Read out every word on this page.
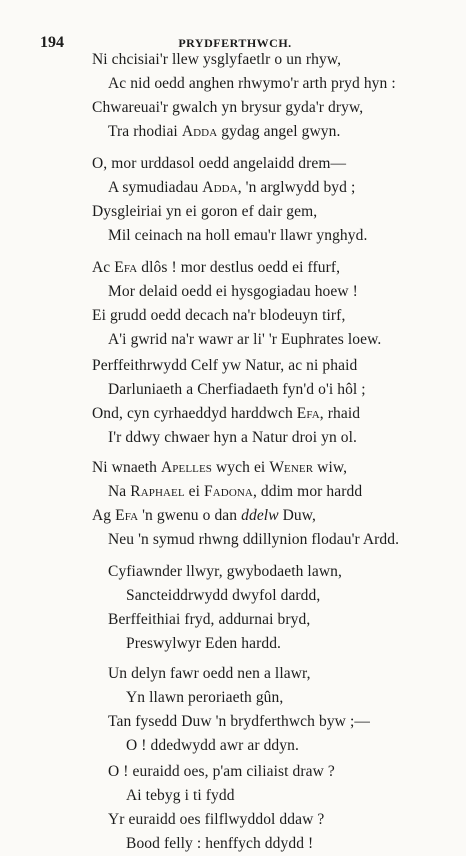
194	PRYDFERTHWCH.
Ni chcisiai'r llew ysglyfaetlr o un rhyw,
Ac nid oedd anghen rhwymo'r arth pryd hyn :
Chwareuai'r gwalch yn brysur gyda'r dryw,
Tra rhodiai Adda gydag angel gwyn.
O, mor urddasol oedd angelaidd drem—
A symudiadau Adda, 'n arglwydd byd ;
Dysgleiriai yn ei goron ef dair gem,
Mil ceinach na holl emau'r llawr ynghyd.
Ac Efa dlôs ! mor destlus oedd ei ffurf,
Mor delaid oedd ei hysgogiadau hoew !
Ei grudd oedd decach na'r blodeuyn tirf,
A'i gwrid na'r wawr ar li' 'r Euphrates loew.
Perffeithrwydd Celf yw Natur, ac ni phaid
Darluniaeth a Cherfiadaeth fyn'd o'i hôl ;
Ond, cyn cyrhaeddyd harddwch Efa, rhaid
I'r ddwy chwaer hyn a Natur droi yn ol.
Ni wnaeth Apelles wych ei Wener wiw,
Na Raphael ei Fadona, ddim mor hardd
Ag Efa 'n gwenu o dan ddelw Duw,
Neu 'n symud rhwng ddillynion flodau'r Ardd.
Cyfiawnder llwyr, gwybodaeth lawn,
Sancteiddrwydd dwyfol dardd,
Berffeithiai fryd, addurnai bryd,
Preswylwyr Eden hardd.
Un delyn fawr oedd nen a llawr,
Yn llawn peroriaeth gûn,
Tan fysedd Duw 'n brydferthwch byw ;—
O ! ddedwydd awr ar ddyn.
O ! euraidd oes, p'am ciliaist draw ?
Ai tebyg i ti fydd
Yr euraidd oes filflwyddol ddaw ?
Bood felly : henffych ddydd !
